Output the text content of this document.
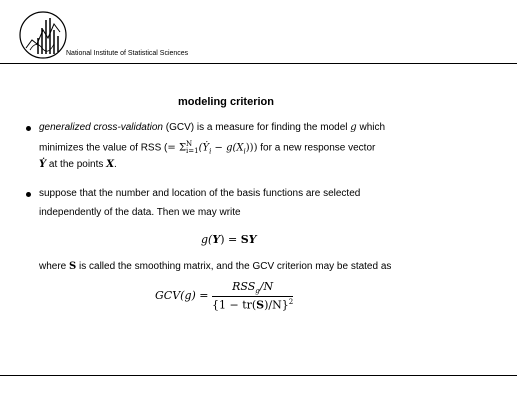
National Institute of Statistical Sciences
modeling criterion
generalized cross-validation (GCV) is a measure for finding the model g which
minimizes the value of RSS (= Σ N
i=1 (Ẏ$_i$ − $g(X_i)$)) for a new response vector
Ẏ at the points X.
suppose that the number and location of the basis functions are selected
independently of the data. Then we may write
g(Y) = SY
where S is called the smoothing matrix, and the GCV criterion may be stated as
$GCV(g) = \frac{RSS_g/N}{\{1 - tr(S)/N\}^2}$
